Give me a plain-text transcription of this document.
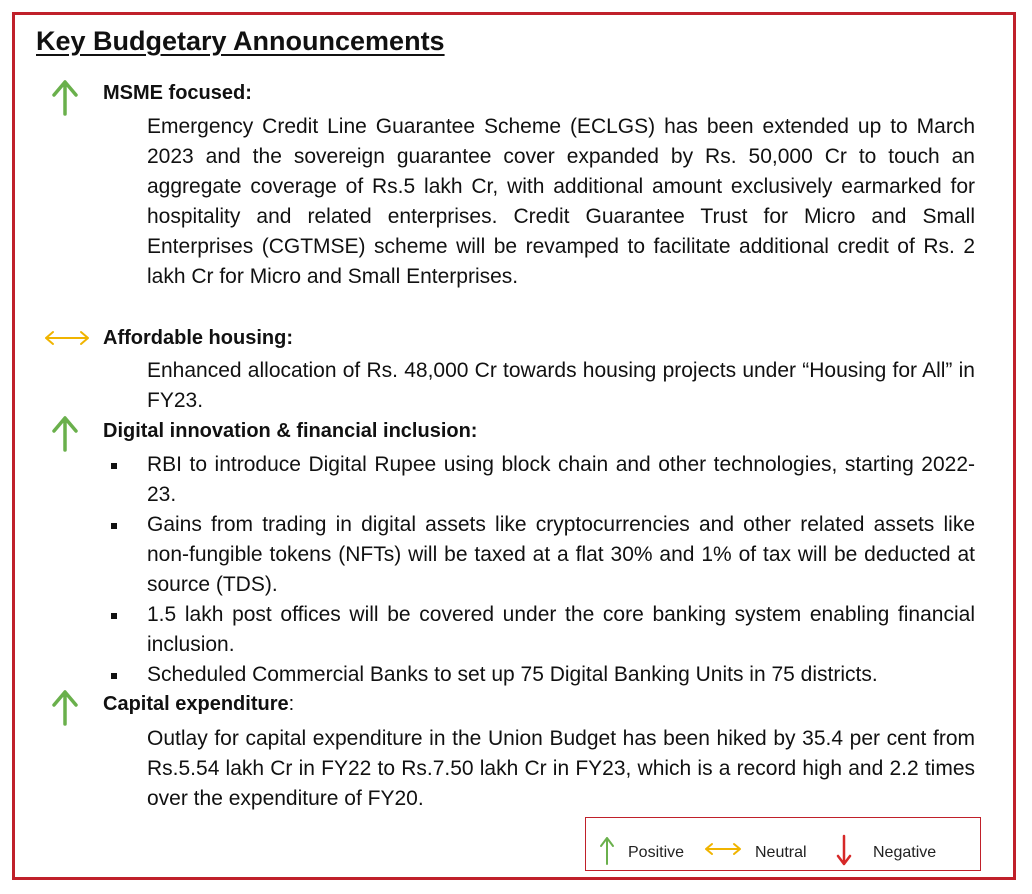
Key Budgetary Announcements
MSME focused:

Emergency Credit Line Guarantee Scheme (ECLGS) has been extended up to March 2023 and the sovereign guarantee cover expanded by Rs. 50,000 Cr to touch an aggregate coverage of Rs.5 lakh Cr, with additional amount exclusively earmarked for hospitality and related enterprises. Credit Guarantee Trust for Micro and Small Enterprises (CGTMSE) scheme will be revamped to facilitate additional credit of Rs. 2 lakh Cr for Micro and Small Enterprises.

Affordable housing:

Enhanced allocation of Rs. 48,000 Cr towards housing projects under “Housing for All” in FY23.

Digital innovation & financial inclusion:
RBI to introduce Digital Rupee using block chain and other technologies, starting 2022-23.
Gains from trading in digital assets like cryptocurrencies and other related assets like non-fungible tokens (NFTs) will be taxed at a flat 30% and 1% of tax will be deducted at source (TDS).
1.5 lakh post offices will be covered under the core banking system enabling financial inclusion.
Scheduled Commercial Banks to set up 75 Digital Banking Units in 75 districts.
Capital expenditure:

Outlay for capital expenditure in the Union Budget has been hiked by 35.4 per cent from Rs.5.54 lakh Cr in FY22 to Rs.7.50 lakh Cr in FY23, which is a record high and 2.2 times over the expenditure of FY20.

Positive	Neutral	Negative
